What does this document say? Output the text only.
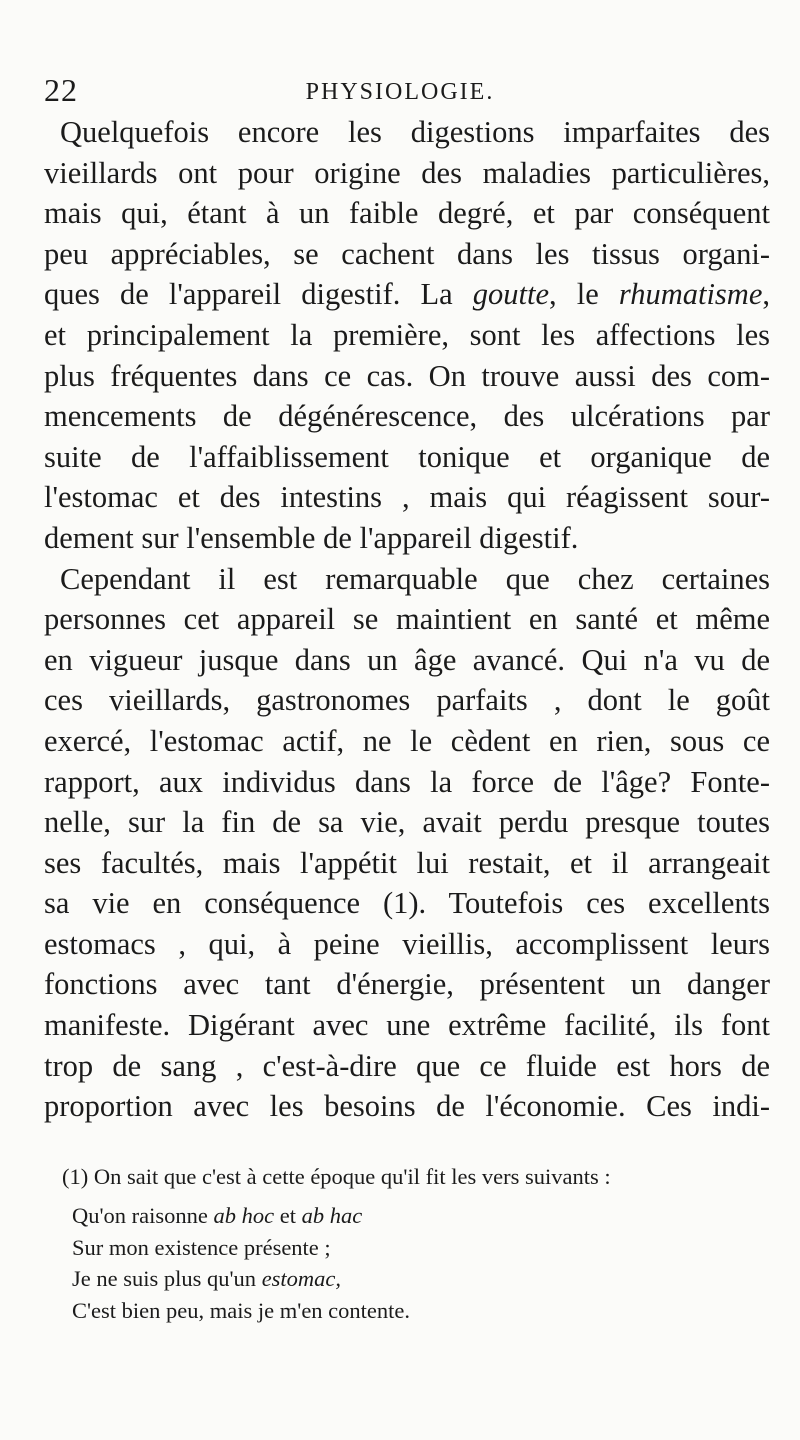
22	PHYSIOLOGIE.
Quelquefois encore les digestions imparfaites des
vieillards ont pour origine des maladies particulières,
mais qui, étant à un faible degré, et par conséquent
peu appréciables, se cachent dans les tissus organi-
ques de l'appareil digestif. La goutte, le rhumatisme,
et principalement la première, sont les affections les
plus fréquentes dans ce cas. On trouve aussi des com-
mencements de dégénérescence, des ulcérations par
suite de l'affaiblissement tonique et organique de
l'estomac et des intestins , mais qui réagissent sour-
dement sur l'ensemble de l'appareil digestif.
Cependant il est remarquable que chez certaines
personnes cet appareil se maintient en santé et même
en vigueur jusque dans un âge avancé. Qui n'a vu de
ces vieillards, gastronomes parfaits , dont le goût
exercé, l'estomac actif, ne le cèdent en rien, sous ce
rapport, aux individus dans la force de l'âge? Fonte-
nelle, sur la fin de sa vie, avait perdu presque toutes
ses facultés, mais l'appétit lui restait, et il arrangeait
sa vie en conséquence (1). Toutefois ces excellents
estomacs , qui, à peine vieillis, accomplissent leurs
fonctions avec tant d'énergie, présentent un danger
manifeste. Digérant avec une extrême facilité, ils font
trop de sang , c'est-à-dire que ce fluide est hors de
proportion avec les besoins de l'économie. Ces indi-
(1) On sait que c'est à cette époque qu'il fit les vers suivants :
Qu'on raisonne ab hoc et ab hac
Sur mon existence présente ;
Je ne suis plus qu'un estomac,
C'est bien peu, mais je m'en contente.
